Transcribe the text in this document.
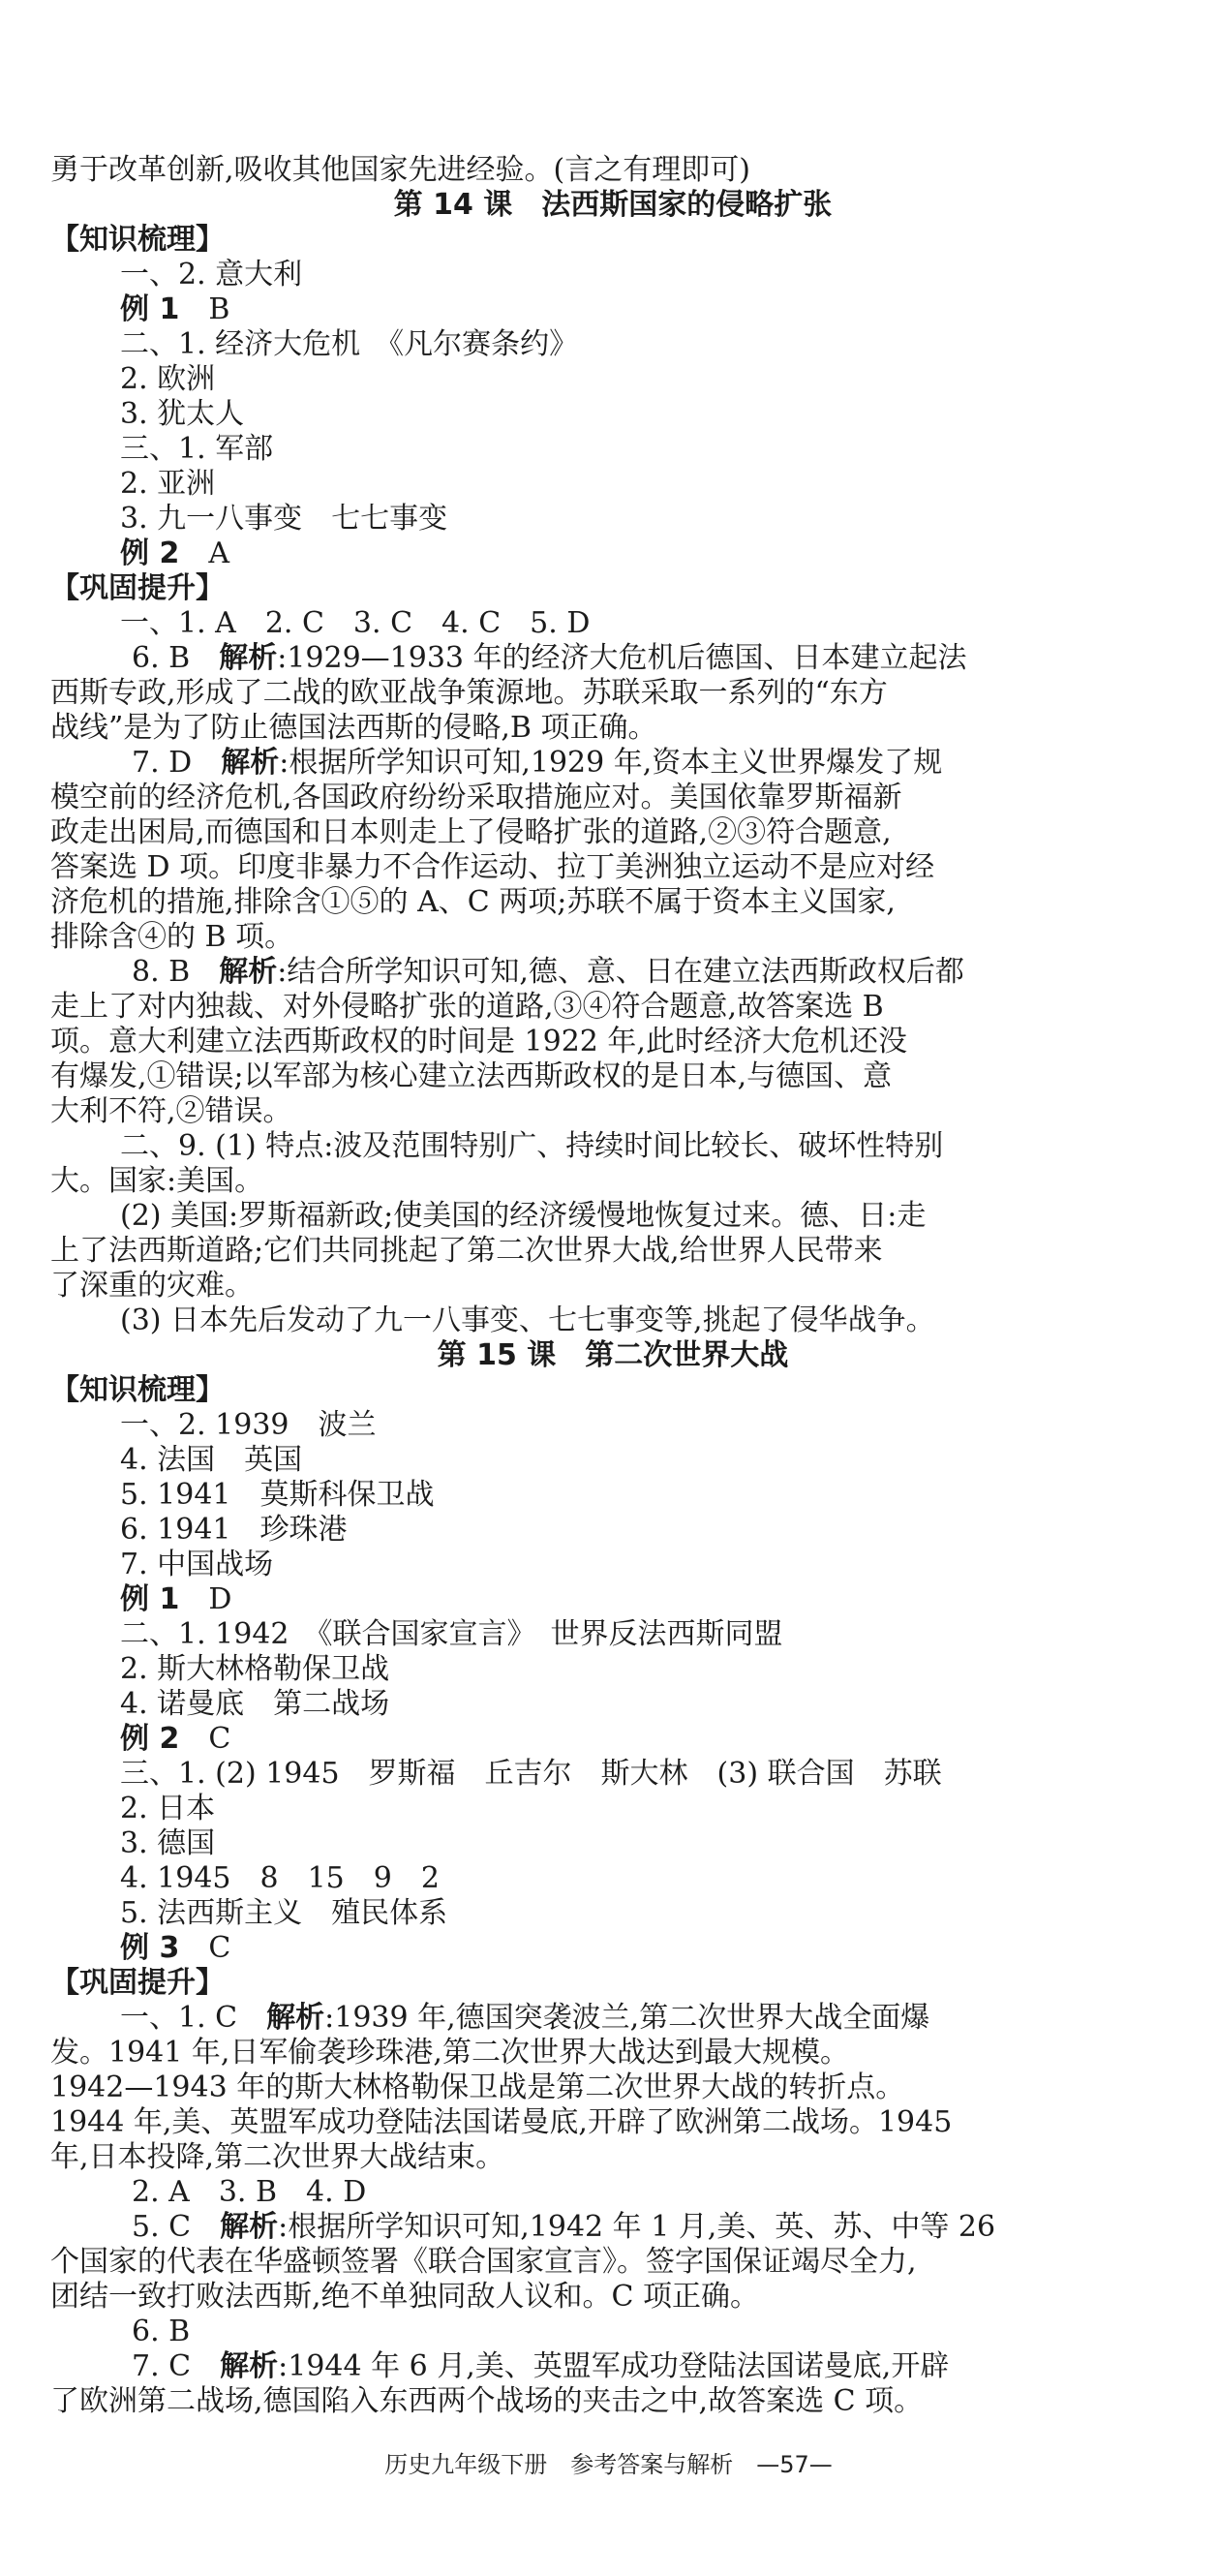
勇于改革创新,吸收其他国家先进经验。(言之有理即可)
第 14 课　法西斯国家的侵略扩张
【知识梳理】
一、2. 意大利
例 1　B
二、1. 经济大危机　《凡尔赛条约》
2. 欧洲
3. 犹太人
三、1. 军部
2. 亚洲
3. 九一八事变　七七事变
例 2　A
【巩固提升】
一、1. A　2. C　3. C　4. C　5. D
6. B　解析:1929—1933 年的经济大危机后德国、日本建立起法
西斯专政,形成了二战的欧亚战争策源地。苏联采取一系列的“东方
战线”是为了防止德国法西斯的侵略,B 项正确。
7. D　解析:根据所学知识可知,1929 年,资本主义世界爆发了规
模空前的经济危机,各国政府纷纷采取措施应对。美国依靠罗斯福新
政走出困局,而德国和日本则走上了侵略扩张的道路,②③符合题意,
答案选 D 项。印度非暴力不合作运动、拉丁美洲独立运动不是应对经
济危机的措施,排除含①⑤的 A、C 两项;苏联不属于资本主义国家,
排除含④的 B 项。
8. B　解析:结合所学知识可知,德、意、日在建立法西斯政权后都
走上了对内独裁、对外侵略扩张的道路,③④符合题意,故答案选 B
项。意大利建立法西斯政权的时间是 1922 年,此时经济大危机还没
有爆发,①错误;以军部为核心建立法西斯政权的是日本,与德国、意
大利不符,②错误。
二、9. (1) 特点:波及范围特别广、持续时间比较长、破坏性特别
大。国家:美国。
(2) 美国:罗斯福新政;使美国的经济缓慢地恢复过来。德、日:走
上了法西斯道路;它们共同挑起了第二次世界大战,给世界人民带来
了深重的灾难。
(3) 日本先后发动了九一八事变、七七事变等,挑起了侵华战争。
第 15 课　第二次世界大战
【知识梳理】
一、2. 1939　波兰
4. 法国　英国
5. 1941　莫斯科保卫战
6. 1941　珍珠港
7. 中国战场
例 1　D
二、1. 1942　《联合国家宣言》　世界反法西斯同盟
2. 斯大林格勒保卫战
4. 诺曼底　第二战场
例 2　C
三、1. (2) 1945　罗斯福　丘吉尔　斯大林　(3) 联合国　苏联
2. 日本
3. 德国
4. 1945　8　15　9　2
5. 法西斯主义　殖民体系
例 3　C
【巩固提升】
一、1. C　解析:1939 年,德国突袭波兰,第二次世界大战全面爆
发。1941 年,日军偷袭珍珠港,第二次世界大战达到最大规模。
1942—1943 年的斯大林格勒保卫战是第二次世界大战的转折点。
1944 年,美、英盟军成功登陆法国诺曼底,开辟了欧洲第二战场。1945
年,日本投降,第二次世界大战结束。
2. A　3. B　4. D
5. C　解析:根据所学知识可知,1942 年 1 月,美、英、苏、中等 26
个国家的代表在华盛顿签署《联合国家宣言》。签字国保证竭尽全力,
团结一致打败法西斯,绝不单独同敌人议和。C 项正确。
6. B
7. C　解析:1944 年 6 月,美、英盟军成功登陆法国诺曼底,开辟
了欧洲第二战场,德国陷入东西两个战场的夹击之中,故答案选 C 项。
历史九年级下册　参考答案与解析　—57—
